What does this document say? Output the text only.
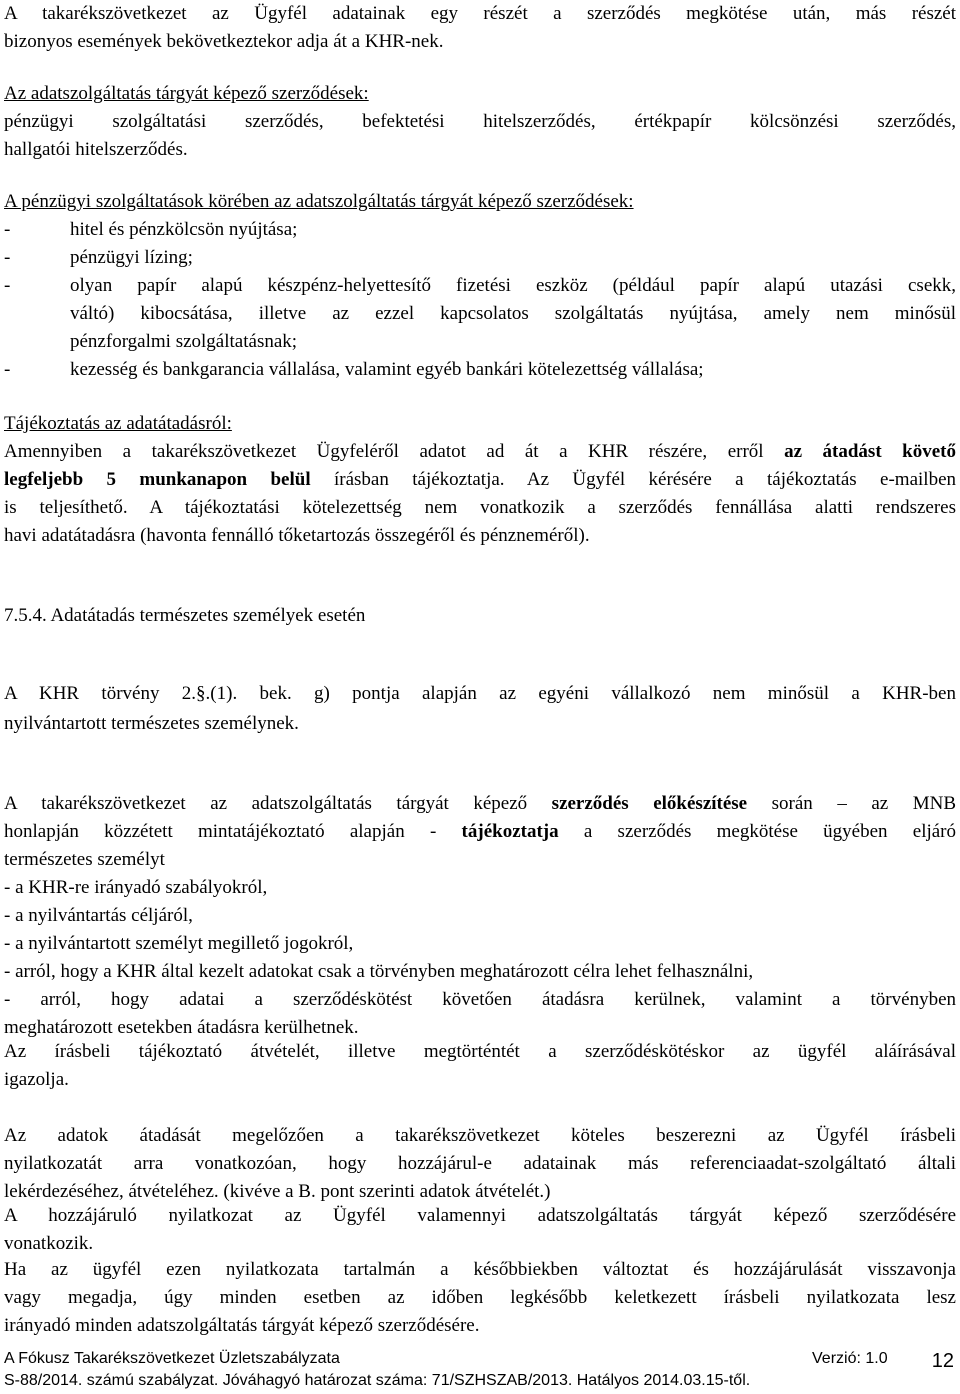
A takarékszövetkezet az Ügyfél adatainak egy részét a szerződés megkötése után, más részét
bizonyos események bekövetkeztekor adja át a KHR-nek.
Az adatszolgáltatás tárgyát képező szerződések:
pénzügyi szolgáltatási szerződés, befektetési hitelszerződés, értékpapír kölcsönzési szerződés,
hallgatói hitelszerződés.
A pénzügyi szolgáltatások körében az adatszolgáltatás tárgyát képező szerződések:
-	hitel és pénzkölcsön nyújtása;
-	pénzügyi lízing;
-	olyan papír alapú készpénz-helyettesítő fizetési eszköz (például papír alapú utazási csekk,
váltó) kibocsátása, illetve az ezzel kapcsolatos szolgáltatás nyújtása, amely nem minősül
pénzforgalmi szolgáltatásnak;
-	kezesség és bankgarancia vállalása, valamint egyéb bankári kötelezettség vállalása;
Tájékoztatás az adatátadásról:
Amennyiben a takarékszövetkezet Ügyfeléről adatot ad át a KHR részére, erről az átadást követő
legfeljebb 5 munkanapon belül írásban tájékoztatja. Az Ügyfél kérésére a tájékoztatás e-mailben
is teljesíthető. A tájékoztatási kötelezettség nem vonatkozik a szerződés fennállása alatti rendszeres
havi adatátadásra (havonta fennálló tőketartozás összegéről és pénzneméről).
7.5.4. Adatátadás természetes személyek esetén
A KHR törvény 2.§.(1). bek. g) pontja alapján az egyéni vállalkozó nem minősül a KHR-ben
nyilvántartott természetes személynek.
A takarékszövetkezet az adatszolgáltatás tárgyát képező szerződés előkészítése során – az MNB
honlapján közzétett mintatájékoztató alapján - tájékoztatja a szerződés megkötése ügyében eljáró
természetes személyt
- a KHR-re irányadó szabályokról,
- a nyilvántartás céljáról,
- a nyilvántartott személyt megillető jogokról,
- arról, hogy a KHR által kezelt adatokat csak a törvényben meghatározott célra lehet felhasználni,
- arról, hogy adatai a szerződéskötést követően átadásra kerülnek, valamint a törvényben
meghatározott esetekben átadásra kerülhetnek.
Az írásbeli tájékoztató átvételét, illetve megtörténtét a szerződéskötéskor az ügyfél aláírásával
igazolja.
Az adatok átadását megelőzően a takarékszövetkezet köteles beszerezni az Ügyfél írásbeli
nyilatkozatát arra vonatkozóan, hogy hozzájárul-e adatainak más referenciaadat-szolgáltató általi
lekérdezéséhez, átvételéhez. (kivéve a B. pont szerinti adatok átvételét.)
A hozzájáruló nyilatkozat az Ügyfél valamennyi adatszolgáltatás tárgyát képező szerződésére
vonatkozik.
Ha az ügyfél ezen nyilatkozata tartalmán a későbbiekben változtat és hozzájárulását visszavonja
vagy megadja, úgy minden esetben az időben legkésőbb keletkezett írásbeli nyilatkozata lesz
irányadó minden adatszolgáltatás tárgyát képező szerződésére.
A Fókusz Takarékszövetkezet Üzletszabályzata	Verzió: 1.0
S-88/2014. számú szabályzat. Jóváhagyó határozat száma: 71/SZHSZAB/2013. Hatályos 2014.03.15-től.
12
